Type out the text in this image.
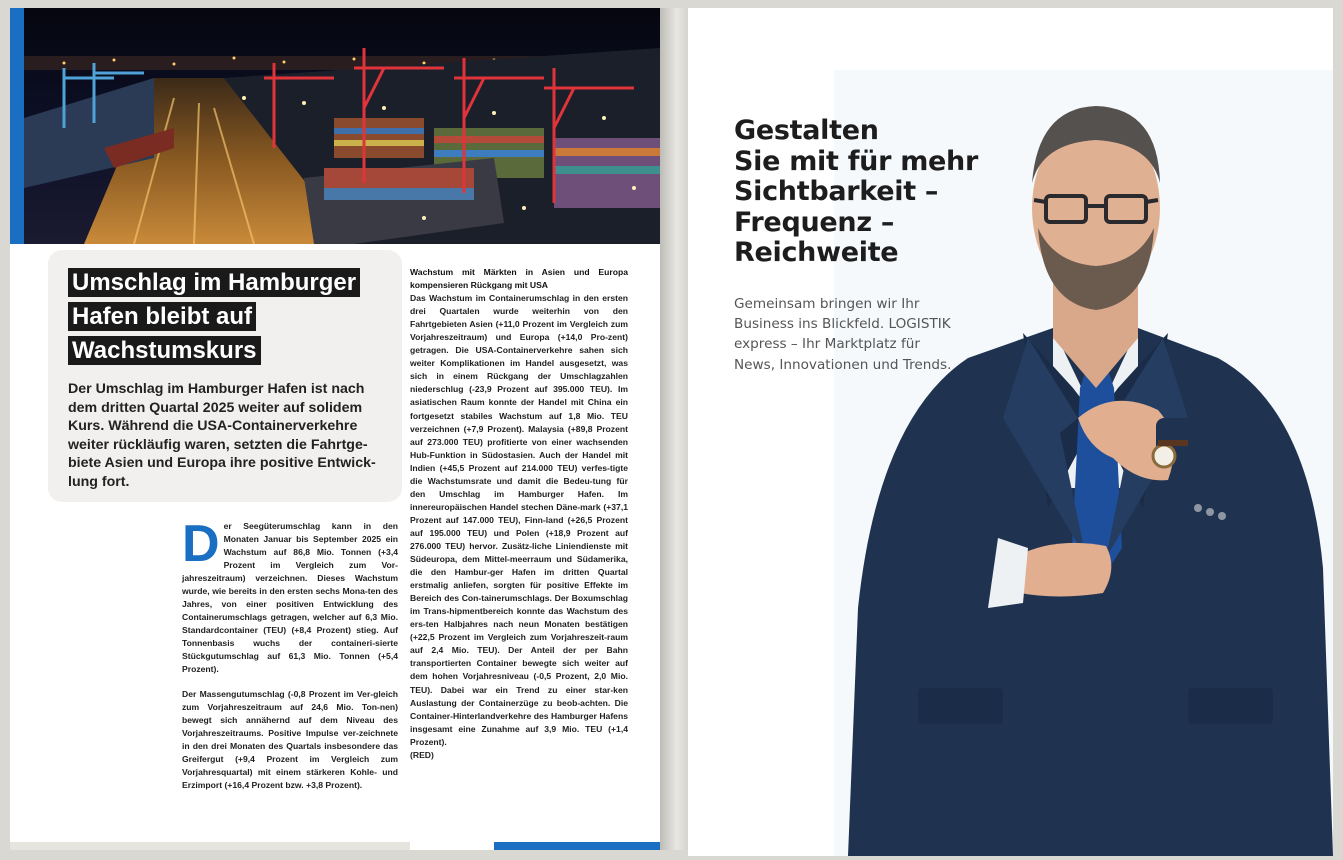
Umschlag im Hamburger
Hafen bleibt auf
Wachstumskurs

Der Umschlag im Hamburger Hafen ist nach dem dritten Quartal 2025 weiter auf solidem Kurs. Während die USA-Containerverkehre weiter rückläufig waren, setzten die Fahrtge-biete Asien und Europa ihre positive Entwick-lung fort.

Der Seegüterumschlag kann in den Monaten Januar bis September 2025 ein Wachstum auf 86,8 Mio. Tonnen (+3,4 Prozent im Vergleich zum Vor-jahreszeitraum) verzeichnen. Dieses Wachstum wurde, wie bereits in den ersten sechs Mona-ten des Jahres, von einer positiven Entwicklung des Containerumschlags getragen, welcher auf 6,3 Mio. Standardcontainer (TEU) (+8,4 Prozent) stieg. Auf Tonnenbasis wuchs der containeri-sierte Stückgutumschlag auf 61,3 Mio. Tonnen (+5,4 Prozent).

Der Massengutumschlag (-0,8 Prozent im Ver-gleich zum Vorjahreszeitraum auf 24,6 Mio. Ton-nen) bewegt sich annähernd auf dem Niveau des Vorjahreszeitraums. Positive Impulse ver-zeichnete in den drei Monaten des Quartals insbesondere das Greifergut (+9,4 Prozent im Vergleich zum Vorjahresquartal) mit einem stärkeren Kohle- und Erzimport (+16,4 Prozent bzw. +3,8 Prozent).

Wachstum mit Märkten in Asien und Europa kompensieren Rückgang mit USA

Das Wachstum im Containerumschlag in den ersten drei Quartalen wurde weiterhin von den Fahrtgebieten Asien (+11,0 Prozent im Vergleich zum Vorjahreszeitraum) und Europa (+14,0 Pro-zent) getragen. Die USA-Containerverkehre sahen sich weiter Komplikationen im Handel ausgesetzt, was sich in einem Rückgang der Umschlagzahlen niederschlug (-23,9 Prozent auf 395.000 TEU). Im asiatischen Raum konnte der Handel mit China ein fortgesetzt stabiles Wachstum auf 1,8 Mio. TEU verzeichnen (+7,9 Prozent). Malaysia (+89,8 Prozent auf 273.000 TEU) profitierte von einer wachsenden Hub-Funktion in Südostasien. Auch der Handel mit Indien (+45,5 Prozent auf 214.000 TEU) verfes-tigte die Wachstumsrate und damit die Bedeu-tung für den Umschlag im Hamburger Hafen. Im innereuropäischen Handel stechen Däne-mark (+37,1 Prozent auf 147.000 TEU), Finn-land (+26,5 Prozent auf 195.000 TEU) und Polen (+18,9 Prozent auf 276.000 TEU) hervor. Zusätz-liche Liniendienste mit Südeuropa, dem Mittel-meerraum und Südamerika, die den Hambur-ger Hafen im dritten Quartal erstmalig anliefen, sorgten für positive Effekte im Bereich des Con-tainerumschlags. Der Boxumschlag im Trans-hipmentbereich konnte das Wachstum des ers-ten Halbjahres nach neun Monaten bestätigen (+22,5 Prozent im Vergleich zum Vorjahreszeit-raum auf 2,4 Mio. TEU). Der Anteil der per Bahn transportierten Container bewegte sich weiter auf dem hohen Vorjahresniveau (-0,5 Prozent, 2,0 Mio. TEU). Dabei war ein Trend zu einer star-ken Auslastung der Containerzüge zu beob-achten. Die Container-Hinterlandverkehre des Hamburger Hafens insgesamt eine Zunahme auf 3,9 Mio. TEU (+1,4 Prozent).

(RED)

Gestalten
Sie mit für mehr
Sichtbarkeit –
Frequenz –
Reichweite

Gemeinsam bringen wir Ihr Business ins Blickfeld. LOGISTIK express – Ihr Marktplatz für News, Innovationen und Trends.
